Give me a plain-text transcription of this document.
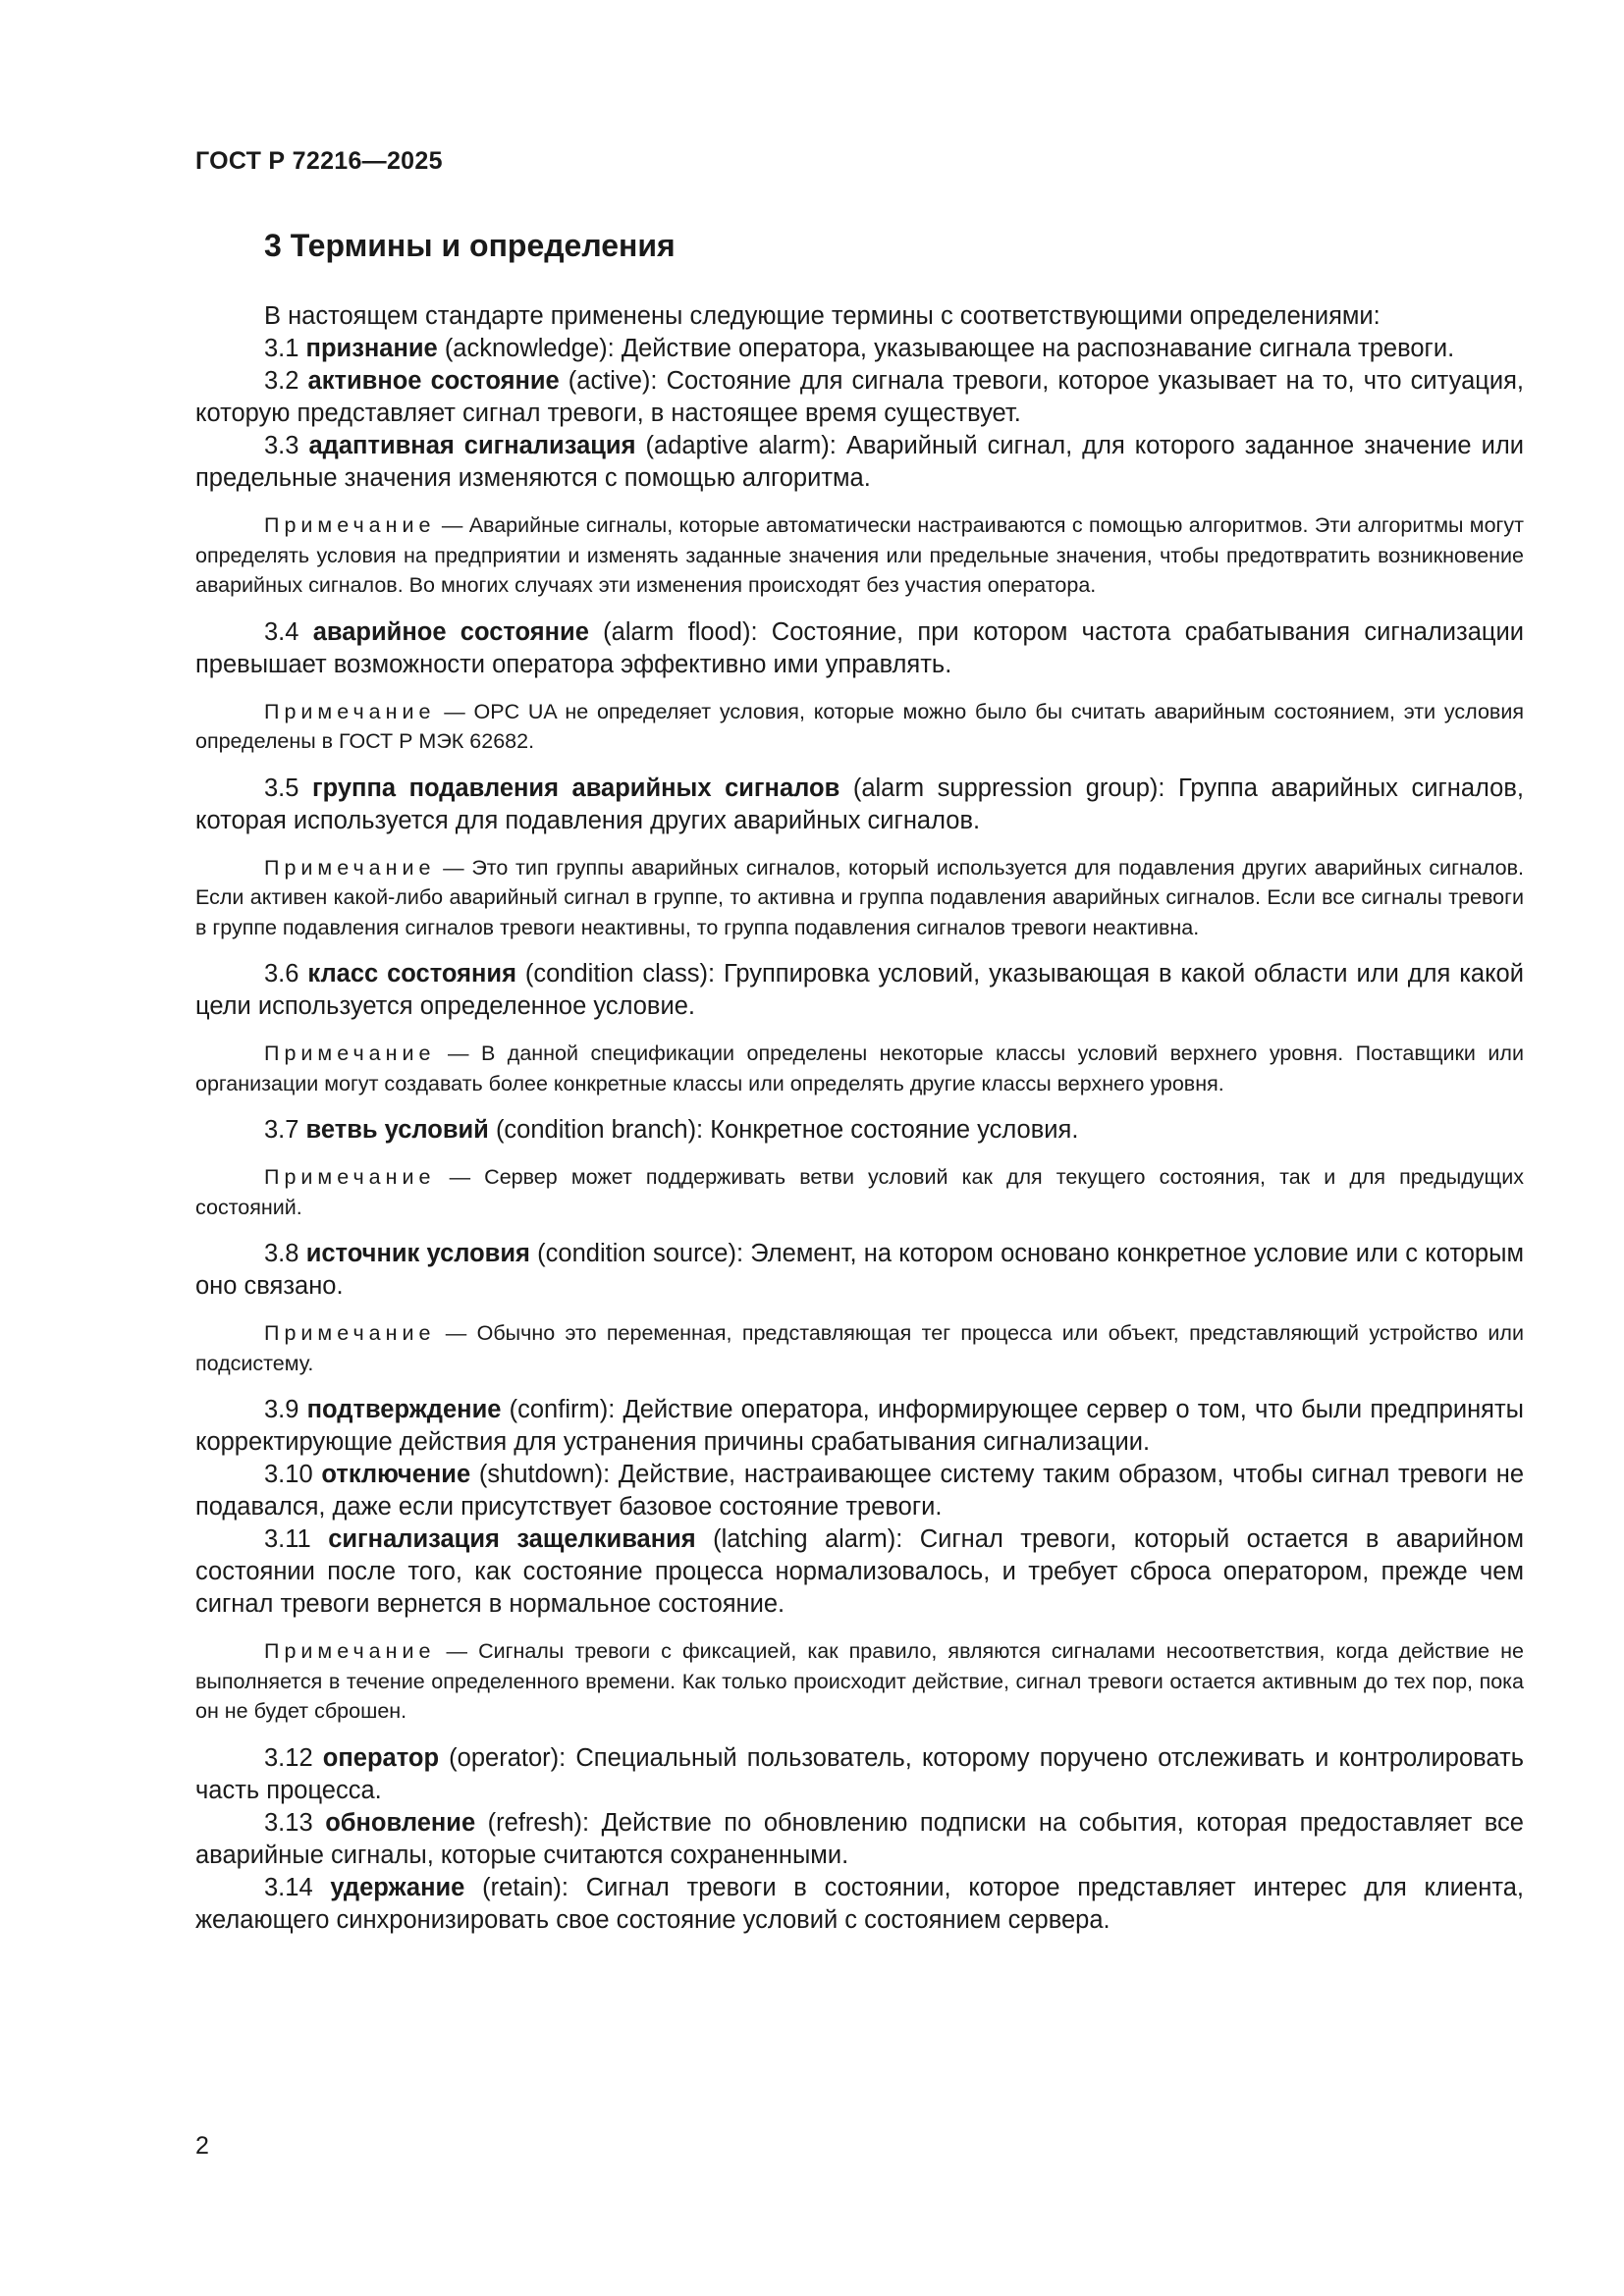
ГОСТ Р 72216—2025
3 Термины и определения

В настоящем стандарте применены следующие термины с соответствующими определениями:

3.1 признание (acknowledge): Действие оператора, указывающее на распознавание сигнала тревоги.

3.2 активное состояние (active): Состояние для сигнала тревоги, которое указывает на то, что ситуация, которую представляет сигнал тревоги, в настоящее время существует.

3.3 адаптивная сигнализация (adaptive alarm): Аварийный сигнал, для которого заданное значение или предельные значения изменяются с помощью алгоритма.

Примечание — Аварийные сигналы, которые автоматически настраиваются с помощью алгоритмов. Эти алгоритмы могут определять условия на предприятии и изменять заданные значения или предельные значения, чтобы предотвратить возникновение аварийных сигналов. Во многих случаях эти изменения происходят без участия оператора.

3.4 аварийное состояние (alarm flood): Состояние, при котором частота срабатывания сигнализации превышает возможности оператора эффективно ими управлять.

Примечание — OPC UA не определяет условия, которые можно было бы считать аварийным состоянием, эти условия определены в ГОСТ Р МЭК 62682.

3.5 группа подавления аварийных сигналов (alarm suppression group): Группа аварийных сигналов, которая используется для подавления других аварийных сигналов.

Примечание — Это тип группы аварийных сигналов, который используется для подавления других аварийных сигналов. Если активен какой-либо аварийный сигнал в группе, то активна и группа подавления аварийных сигналов. Если все сигналы тревоги в группе подавления сигналов тревоги неактивны, то группа подавления сигналов тревоги неактивна.

3.6 класс состояния (condition class): Группировка условий, указывающая в какой области или для какой цели используется определенное условие.

Примечание — В данной спецификации определены некоторые классы условий верхнего уровня. Поставщики или организации могут создавать более конкретные классы или определять другие классы верхнего уровня.

3.7 ветвь условий (condition branch): Конкретное состояние условия.

Примечание — Сервер может поддерживать ветви условий как для текущего состояния, так и для предыдущих состояний.

3.8 источник условия (condition source): Элемент, на котором основано конкретное условие или с которым оно связано.

Примечание — Обычно это переменная, представляющая тег процесса или объект, представляющий устройство или подсистему.

3.9 подтверждение (confirm): Действие оператора, информирующее сервер о том, что были предприняты корректирующие действия для устранения причины срабатывания сигнализации.

3.10 отключение (shutdown): Действие, настраивающее систему таким образом, чтобы сигнал тревоги не подавался, даже если присутствует базовое состояние тревоги.

3.11 сигнализация защелкивания (latching alarm): Сигнал тревоги, который остается в аварийном состоянии после того, как состояние процесса нормализовалось, и требует сброса оператором, прежде чем сигнал тревоги вернется в нормальное состояние.

Примечание — Сигналы тревоги с фиксацией, как правило, являются сигналами несоответствия, когда действие не выполняется в течение определенного времени. Как только происходит действие, сигнал тревоги остается активным до тех пор, пока он не будет сброшен.

3.12 оператор (operator): Специальный пользователь, которому поручено отслеживать и контролировать часть процесса.

3.13 обновление (refresh): Действие по обновлению подписки на события, которая предоставляет все аварийные сигналы, которые считаются сохраненными.

3.14 удержание (retain): Сигнал тревоги в состоянии, которое представляет интерес для клиента, желающего синхронизировать свое состояние условий с состоянием сервера.

2
